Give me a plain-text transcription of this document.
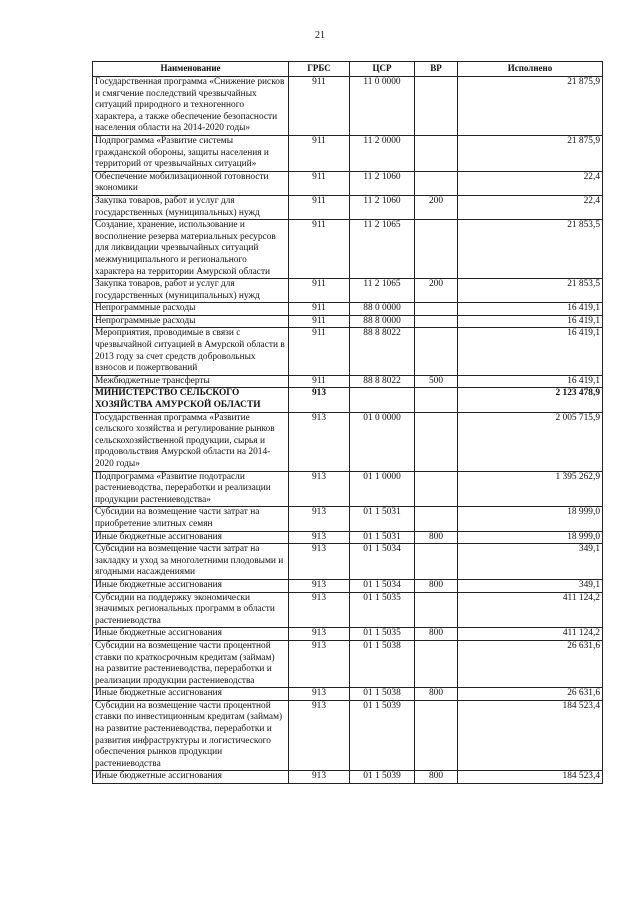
21
Наименование	ГРБС	ЦСР	ВР	Исполнено
Государственная программа «Снижение рисков и смягчение последствий чрезвычайных ситуаций природного и техногенного характера, а также обеспечение безопасности населения области на 2014-2020 годы»	911	11 0 0000		21 875,9
Подпрограмма «Развитие системы гражданской обороны, защиты населения и территорий от чрезвычайных ситуаций»	911	11 2 0000		21 875,9
Обеспечение мобилизационной готовности экономики	911	11 2 1060		22,4
Закупка товаров, работ и услуг для государственных (муниципальных) нужд	911	11 2 1060	200	22,4
Создание, хранение, использование и восполнение резерва материальных ресурсов для ликвидации чрезвычайных ситуаций межмуниципального и регионального характера на территории Амурской области	911	11 2 1065		21 853,5
Закупка товаров, работ и услуг для государственных (муниципальных) нужд	911	11 2 1065	200	21 853,5
Непрограммные расходы	911	88 0 0000		16 419,1
Непрограммные расходы	911	88 8 0000		16 419,1
Мероприятия, проводимые в связи с чрезвычайной ситуацией в Амурской области в 2013 году за счет средств добровольных взносов и пожертвований	911	88 8 8022		16 419,1
Межбюджетные трансферты	911	88 8 8022	500	16 419,1
МИНИСТЕРСТВО СЕЛЬСКОГО ХОЗЯЙСТВА АМУРСКОЙ ОБЛАСТИ	913			2 123 478,9
Государственная программа «Развитие сельского хозяйства и регулирование рынков сельскохозяйственной продукции, сырья и продовольствия Амурской области на 2014-2020 годы»	913	01 0 0000		2 005 715,9
Подпрограмма «Развитие подотрасли растениеводства, переработки и реализации продукции растениеводства»	913	01 1 0000		1 395 262,9
Субсидии на возмещение части затрат на приобретение элитных семян	913	01 1 5031		18 999,0
Иные бюджетные ассигнования	913	01 1 5031	800	18 999,0
Субсидии на возмещение части затрат на закладку и уход за многолетними плодовыми и ягодными насаждениями	913	01 1 5034		349,1
Иные бюджетные ассигнования	913	01 1 5034	800	349,1
Субсидии на поддержку экономически значимых региональных программ в области растениеводства	913	01 1 5035		411 124,2
Иные бюджетные ассигнования	913	01 1 5035	800	411 124,2
Субсидии на возмещение части процентной ставки по краткосрочным кредитам (займам) на развитие растениеводства, переработки и реализации продукции растениеводства	913	01 1 5038		26 631,6
Иные бюджетные ассигнования	913	01 1 5038	800	26 631,6
Субсидии на возмещение части процентной ставки по инвестиционным кредитам (займам) на развитие растениеводства, переработки и развития инфраструктуры и логистического обеспечения рынков продукции растениеводства	913	01 1 5039		184 523,4
Иные бюджетные ассигнования	913	01 1 5039	800	184 523,4
